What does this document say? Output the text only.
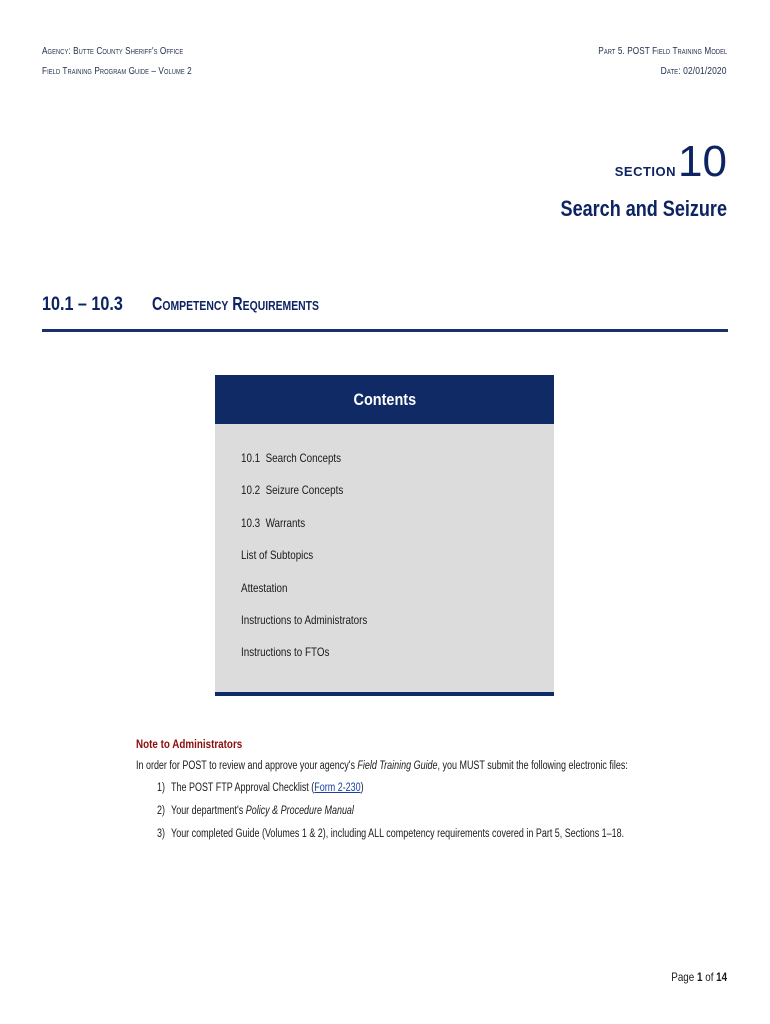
Agency: Butte County Sheriff's Office
Field Training Program Guide – Volume 2
Part 5. POST Field Training Model
Date: 02/01/2020
SECTION10
Search and Seizure
10.1 – 10.3 Competency Requirements
Contents
10.1 Search Concepts
10.2 Seizure Concepts
10.3 Warrants
List of Subtopics
Attestation
Instructions to Administrators
Instructions to FTOs
Note to Administrators
In order for POST to review and approve your agency's Field Training Guide, you MUST submit the following electronic files:
1) The POST FTP Approval Checklist (Form 2-230)
2) Your department's Policy & Procedure Manual
3) Your completed Guide (Volumes 1 & 2), including ALL competency requirements covered in Part 5, Sections 1–18.
Page 1 of 14
